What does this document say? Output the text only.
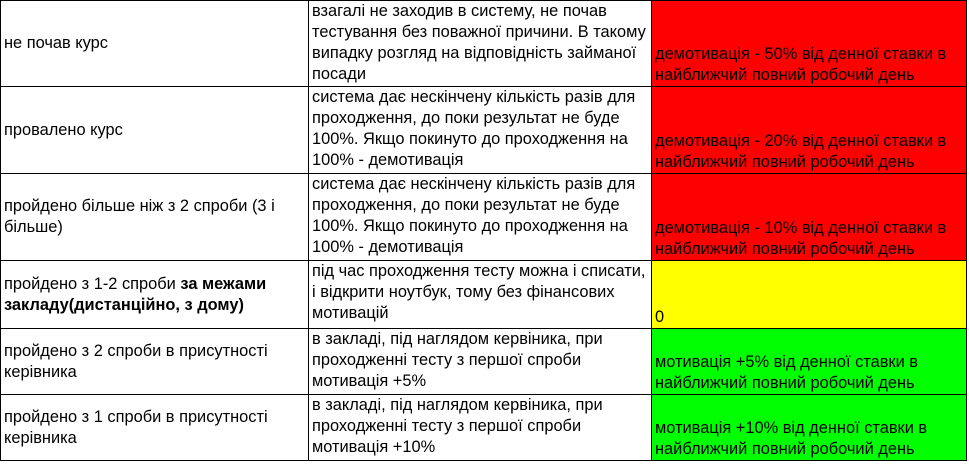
не почав курс	взагалі не заходив в систему, не почав тестування без поважної причини. В такому випадку розгляд на відповідність займаної посади	демотивація - 50% від денної ставки в найближчий повний робочий день
провалено курс	система дає нескінчену кількість разів для проходження, до поки результат не буде 100%. Якщо покинуто до проходження на 100% - демотивація	демотивація - 20% від денної ставки в найближчий повний робочий день
пройдено більше ніж з 2 спроби (3 і більше)	система дає нескінчену кількість разів для проходження, до поки результат не буде 100%. Якщо покинуто до проходження на 100% - демотивація	демотивація - 10% від денної ставки в найближчий повний робочий день
пройдено з 1-2 спроби за межами закладу(дистанційно, з дому)	під час проходження тесту можна і списати, і відкрити ноутбук, тому без фінансових мотивацій	0
пройдено з 2 спроби в присутності керівника	в закладі, під наглядом кервіника, при проходженні тесту з першої спроби мотивація +5%	мотивація +5% від денної ставки в найближчий повний робочий день
пройдено з 1 спроби в присутності керівника	в закладі, під наглядом кервіника, при проходженні тесту з першої спроби мотивація +10%	мотивація +10% від денної ставки в найближчий повний робочий день
